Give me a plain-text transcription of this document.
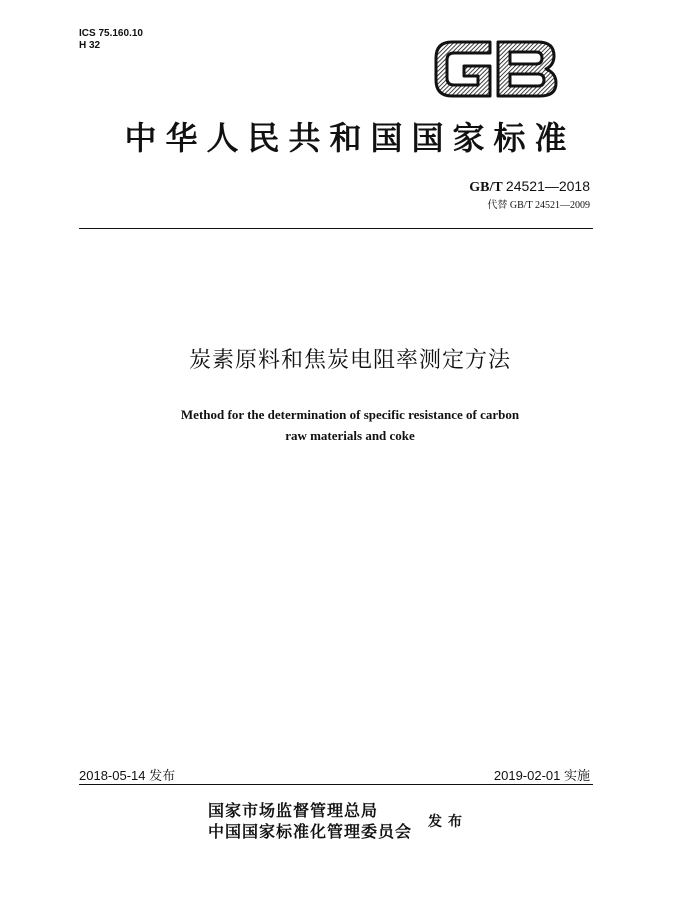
ICS 75.160.10
H 32
中华人民共和国国家标准
GB/T 24521—2018
代替 GB/T 24521—2009
炭素原料和焦炭电阻率测定方法
Method for the determination of specific resistance of carbon
raw materials and coke
2018-05-14 发布	2019-02-01 实施
国家市场监督管理总局
中国国家标准化管理委员会 发布
